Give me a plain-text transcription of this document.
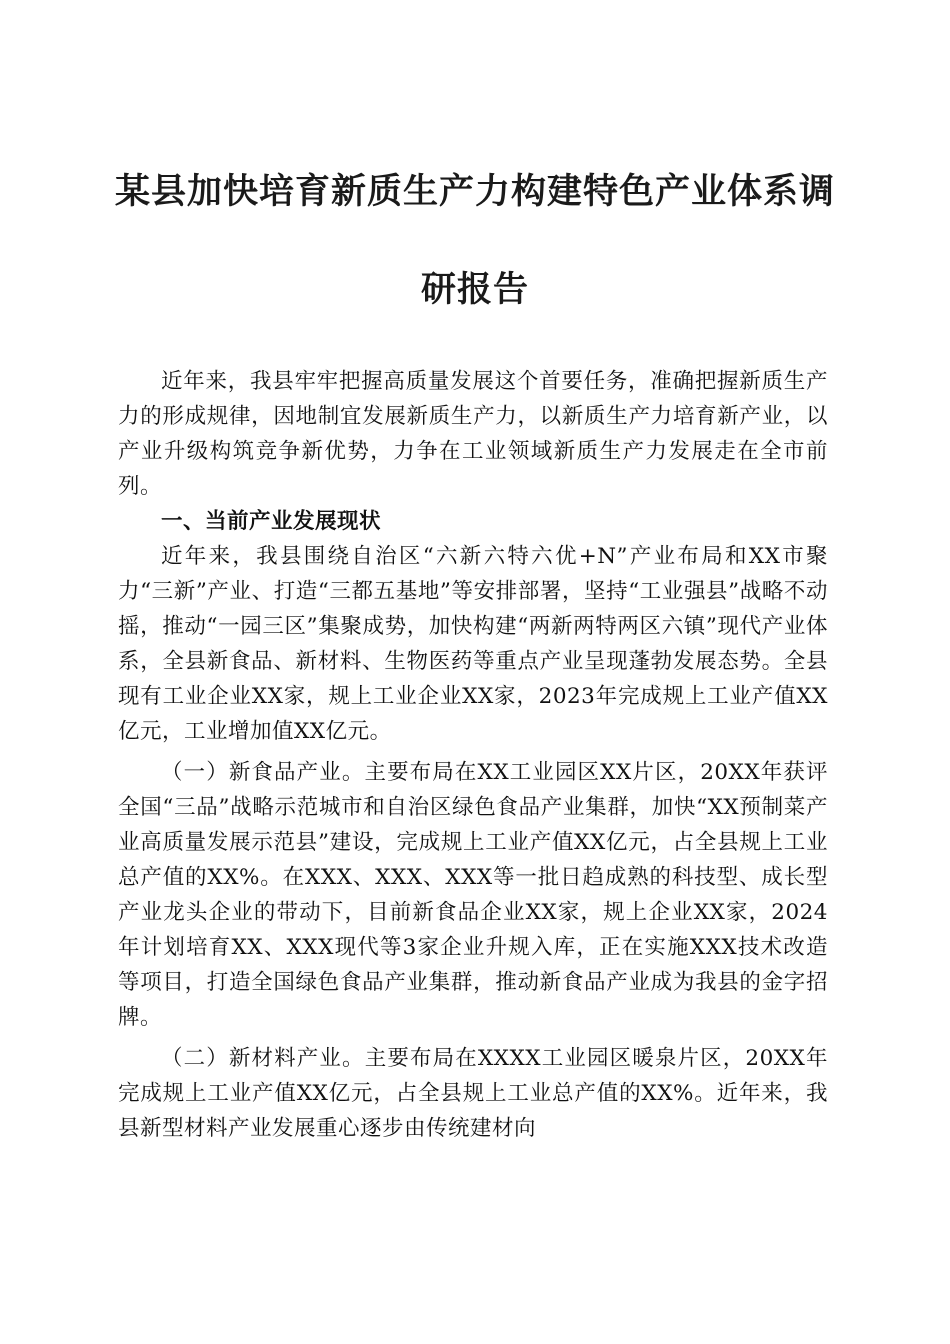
某县加快培育新质生产力构建特色产业体系调
研报告

近年来，我县牢牢把握高质量发展这个首要任务，准确把握新质生产力的形成规律，因地制宜发展新质生产力，以新质生产力培育新产业，以产业升级构筑竞争新优势，力争在工业领域新质生产力发展走在全市前列。

一、当前产业发展现状

近年来，我县围绕自治区“六新六特六优+N”产业布局和XX市聚力“三新”产业、打造“三都五基地”等安排部署，坚持“工业强县”战略不动摇，推动“一园三区”集聚成势，加快构建“两新两特两区六镇”现代产业体系，全县新食品、新材料、生物医药等重点产业呈现蓬勃发展态势。全县现有工业企业XX家，规上工业企业XX家，2023年完成规上工业产值XX亿元，工业增加值XX亿元。

（一）新食品产业。主要布局在XX工业园区XX片区，20XX年获评全国“三品”战略示范城市和自治区绿色食品产业集群，加快“XX预制菜产业高质量发展示范县”建设，完成规上工业产值XX亿元，占全县规上工业总产值的XX%。在XXX、XXX、XXX等一批日趋成熟的科技型、成长型产业龙头企业的带动下，目前新食品企业XX家，规上企业XX家，2024年计划培育XX、XXX现代等3家企业升规入库，正在实施XXX技术改造等项目，打造全国绿色食品产业集群，推动新食品产业成为我县的金字招牌。

（二）新材料产业。主要布局在XXXX工业园区暖泉片区，20XX年完成规上工业产值XX亿元，占全县规上工业总产值的XX%。近年来，我县新型材料产业发展重心逐步由传统建材向
